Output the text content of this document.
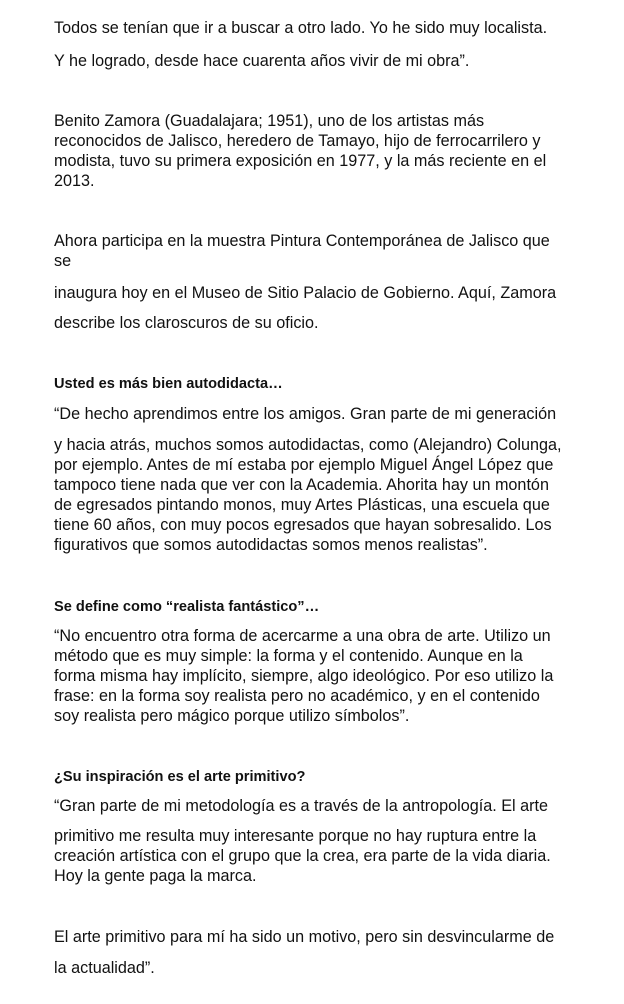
Todos se tenían que ir a buscar a otro lado. Yo he sido muy localista.

Y he logrado, desde hace cuarenta años vivir de mi obra”.

Benito Zamora (Guadalajara; 1951), uno de los artistas más

reconocidos de Jalisco, heredero de Tamayo, hijo de ferrocarrilero y

modista, tuvo su primera exposición en 1977, y la más reciente en el

2013.

Ahora participa en la muestra Pintura Contemporánea de Jalisco que

se

inaugura hoy en el Museo de Sitio Palacio de Gobierno. Aquí, Zamora

describe los claroscuros de su oficio.

Usted es más bien autodidacta…

“De hecho aprendimos entre los amigos. Gran parte de mi generación

y hacia atrás, muchos somos autodidactas, como (Alejandro) Colunga,

por ejemplo. Antes de mí estaba por ejemplo Miguel Ángel López que

tampoco tiene nada que ver con la Academia. Ahorita hay un montón

de egresados pintando monos, muy Artes Plásticas, una escuela que

tiene 60 años, con muy pocos egresados que hayan sobresalido. Los

figurativos que somos autodidactas somos menos realistas”.

Se define como “realista fantástico”…

“No encuentro otra forma de acercarme a una obra de arte. Utilizo un

método que es muy simple: la forma y el contenido. Aunque en la

forma misma hay implícito, siempre, algo ideológico. Por eso utilizo la

frase: en la forma soy realista pero no académico, y en el contenido

soy realista pero mágico porque utilizo símbolos”.

¿Su inspiración es el arte primitivo?

“Gran parte de mi metodología es a través de la antropología. El arte

primitivo me resulta muy interesante porque no hay ruptura entre la

creación artística con el grupo que la crea, era parte de la vida diaria.

Hoy la gente paga la marca.

El arte primitivo para mí ha sido un motivo, pero sin desvincularme de

la actualidad”.
